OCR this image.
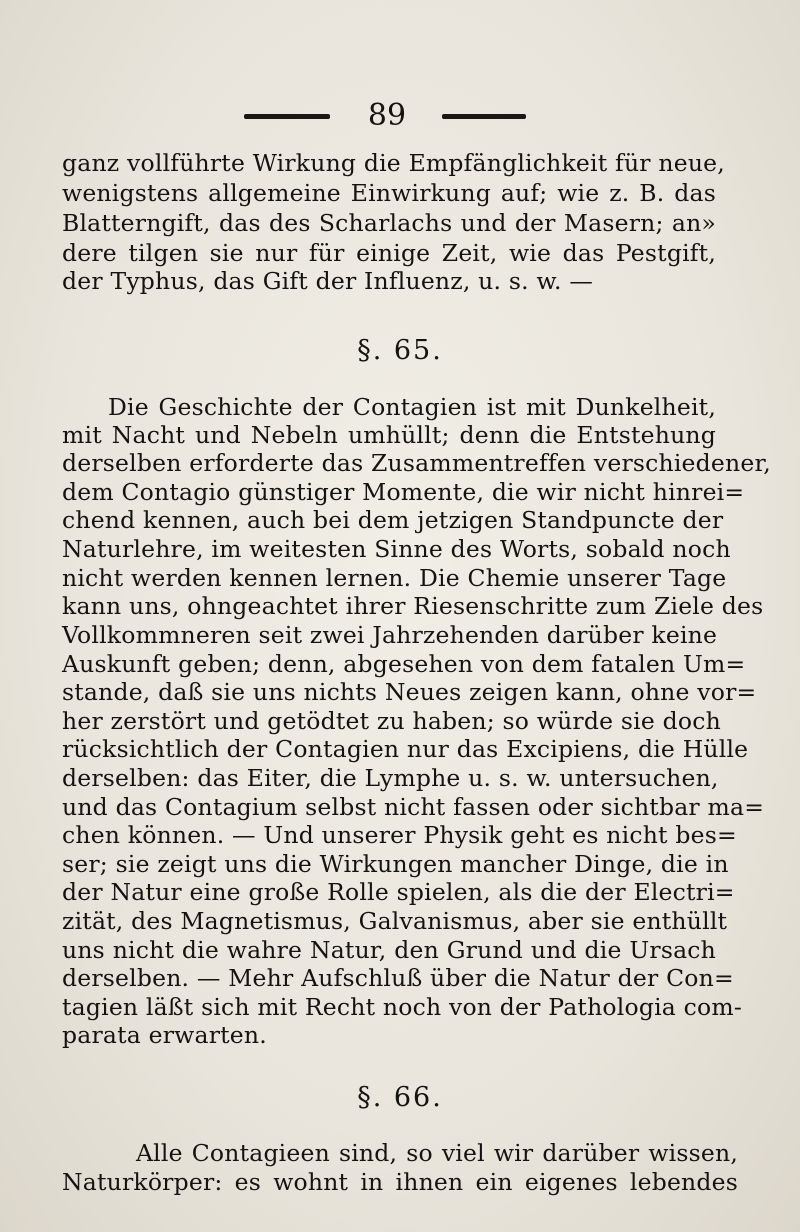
89
ganz vollführte Wirkung die Empfänglichkeit für neue,
wenigstens allgemeine Einwirkung auf; wie z. B. das
Blatterngift, das des Scharlachs und der Masern; an»
dere tilgen sie nur für einige Zeit, wie das Pestgift,
der Typhus, das Gift der Influenz, u. s. w. —
§. 65.
Die Geschichte der Contagien ist mit Dunkelheit,
mit Nacht und Nebeln umhüllt; denn die Entstehung
derselben erforderte das Zusammentreffen verschiedener,
dem Contagio günstiger Momente, die wir nicht hinrei=
chend kennen, auch bei dem jetzigen Standpuncte der
Naturlehre, im weitesten Sinne des Worts, sobald noch
nicht werden kennen lernen. Die Chemie unserer Tage
kann uns, ohngeachtet ihrer Riesenschritte zum Ziele des
Vollkommneren seit zwei Jahrzehenden darüber keine
Auskunft geben; denn, abgesehen von dem fatalen Um=
stande, daß sie uns nichts Neues zeigen kann, ohne vor=
her zerstört und getödtet zu haben; so würde sie doch
rücksichtlich der Contagien nur das Excipiens, die Hülle
derselben: das Eiter, die Lymphe u. s. w. untersuchen,
und das Contagium selbst nicht fassen oder sichtbar ma=
chen können. — Und unserer Physik geht es nicht bes=
ser; sie zeigt uns die Wirkungen mancher Dinge, die in
der Natur eine große Rolle spielen, als die der Electri=
zität, des Magnetismus, Galvanismus, aber sie enthüllt
uns nicht die wahre Natur, den Grund und die Ursach
derselben. — Mehr Aufschluß über die Natur der Con=
tagien läßt sich mit Recht noch von der Pathologia com-
parata erwarten.
§. 66.
Alle Contagieen sind, so viel wir darüber wissen,
Naturkörper: es wohnt in ihnen ein eigenes lebendes
